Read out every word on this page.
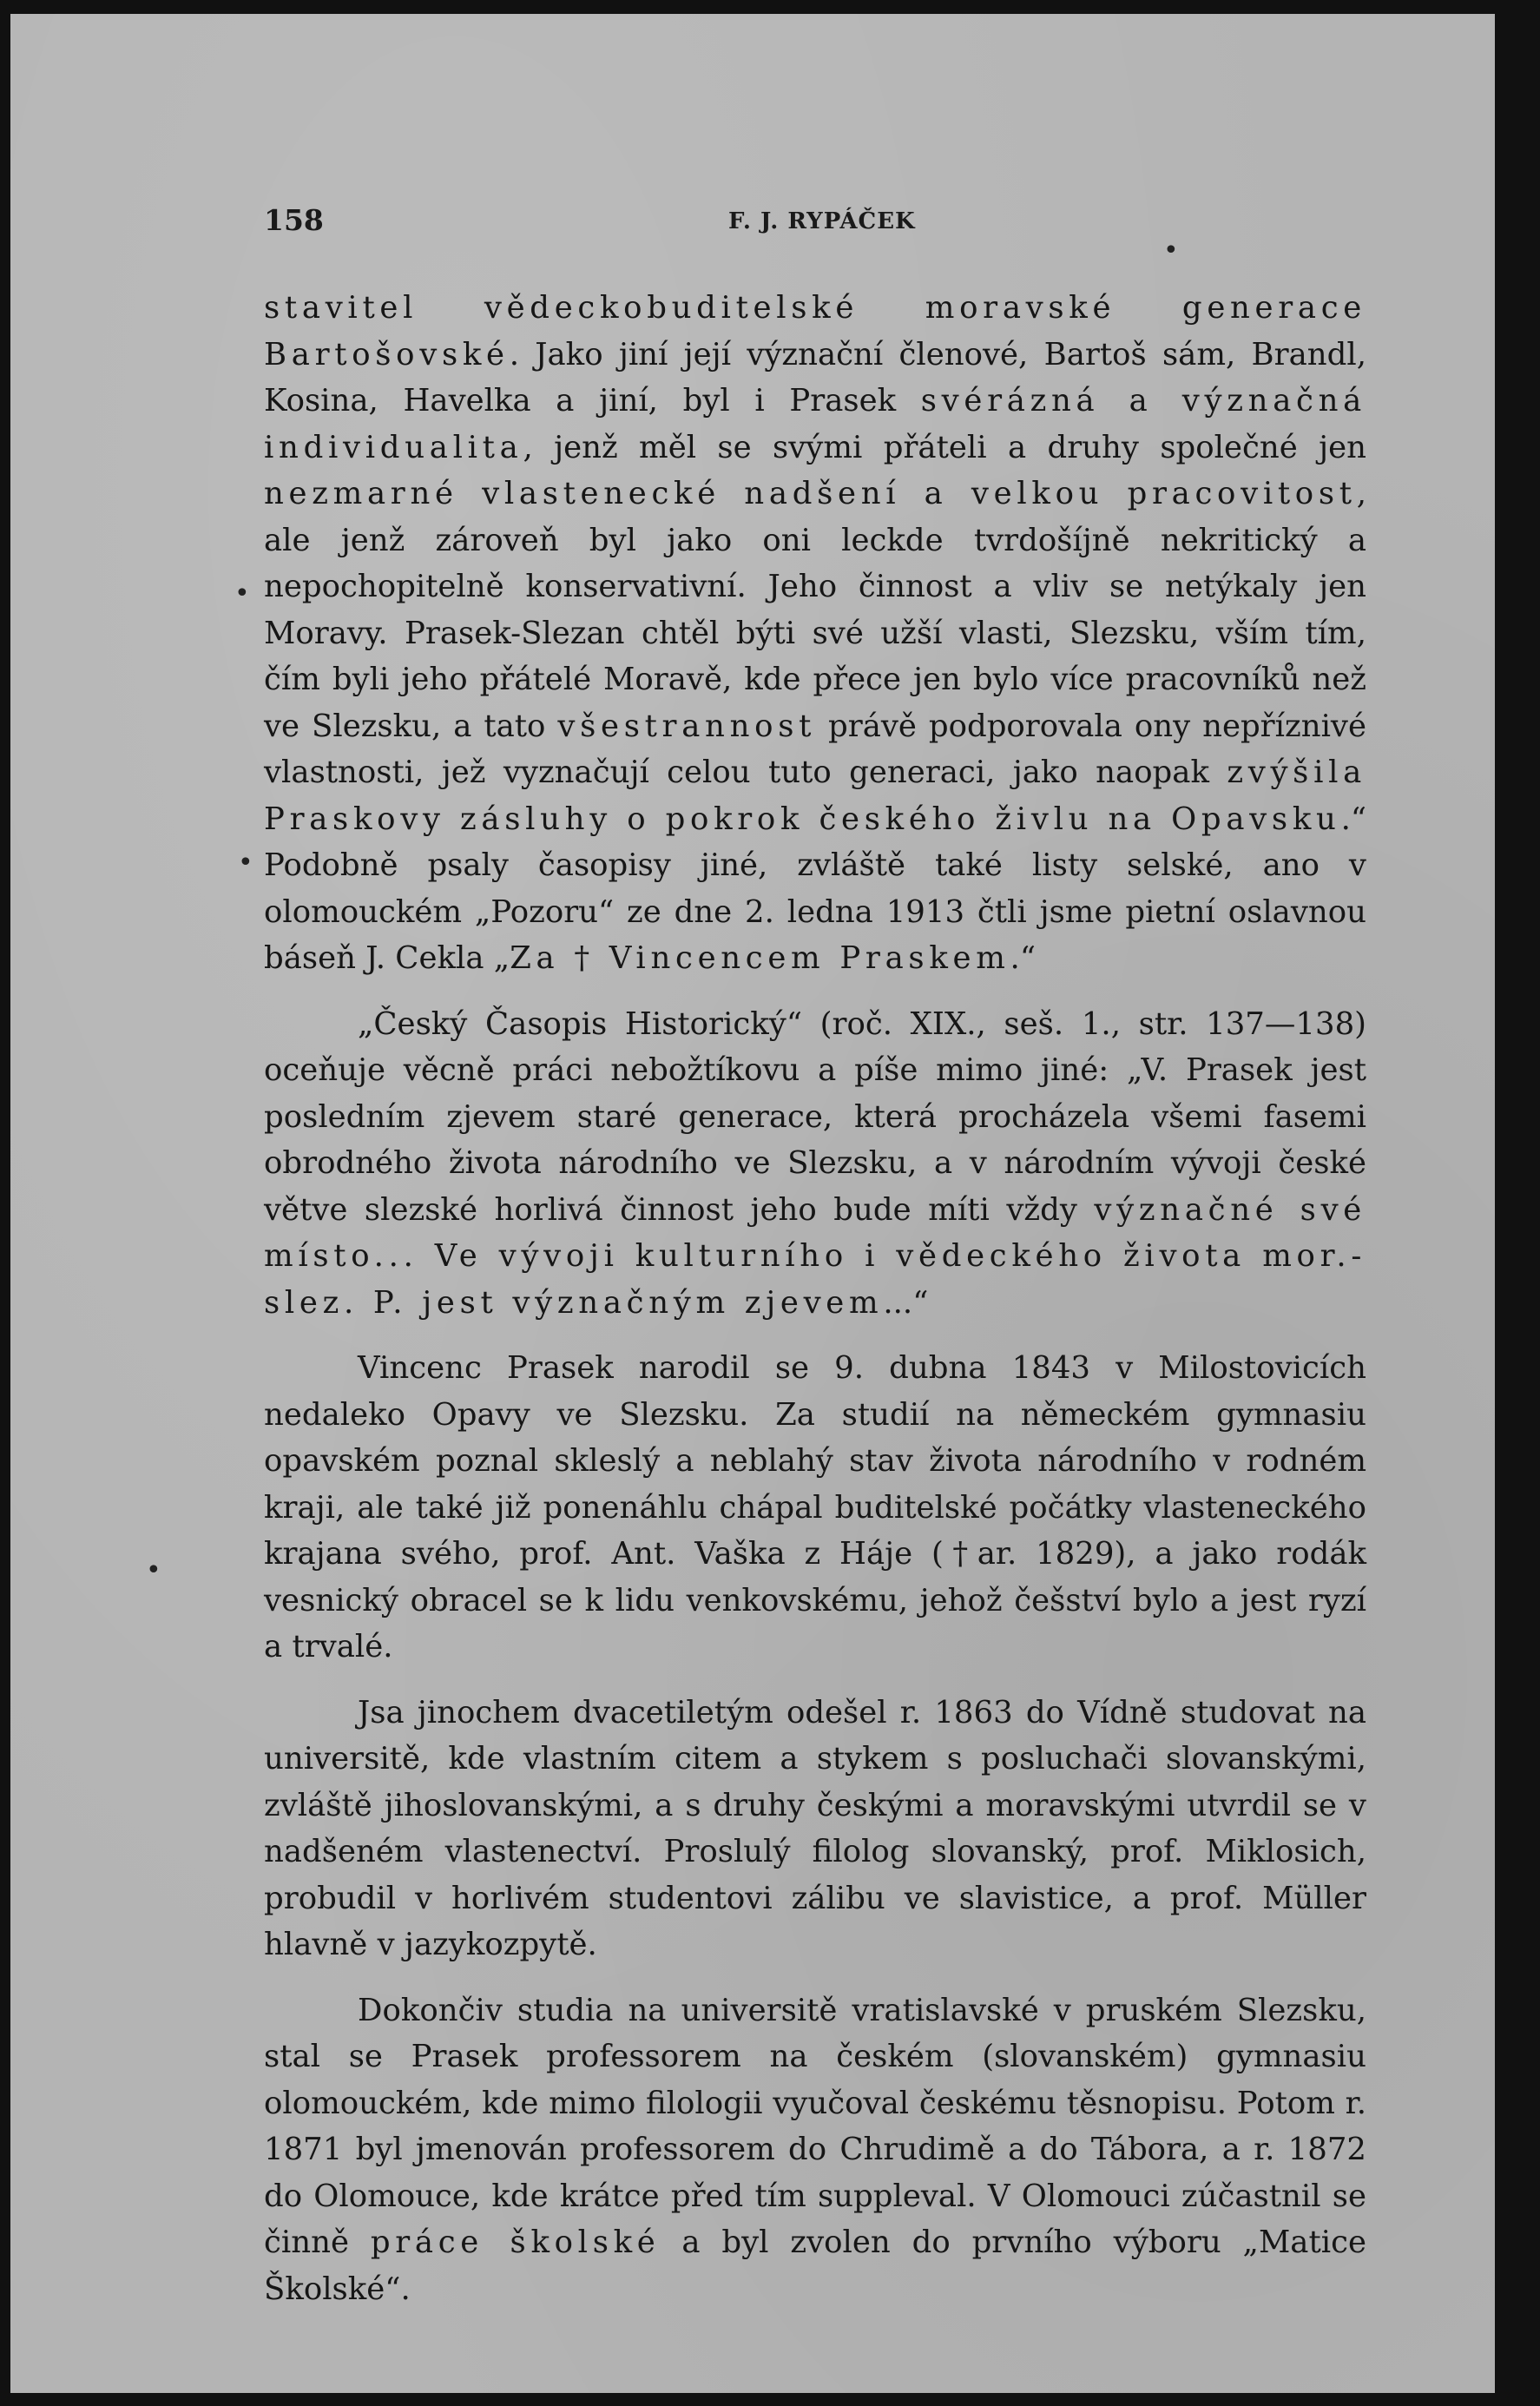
158	F. J. RYPÁČEK

stavitel vědeckobuditelské moravské generace Bartošovské. Jako jiní její význační členové, Bartoš sám, Brandl, Kosina, Havelka a jiní, byl i Prasek svérázná a význačná individualita, jenž měl se svými přáteli a druhy společné jen nezmarné vlastenecké nadšení a velkou pracovitost, ale jenž zároveň byl jako oni leckde tvrdošíjně nekritický a nepochopitelně konservativní. Jeho činnost a vliv se netýkaly jen Moravy. Prasek-Slezan chtěl býti své užší vlasti, Slezsku, vším tím, čím byli jeho přátelé Moravě, kde přece jen bylo více pracovníků než ve Slezsku, a tato všestrannost právě podporovala ony nepříznivé vlastnosti, jež vyznačují celou tuto generaci, jako naopak zvýšila Praskovy zásluhy o pokrok českého živlu na Opavsku.“ Podobně psaly časopisy jiné, zvláště také listy selské, ano v olomouckém „Pozoru“ ze dne 2. ledna 1913 čtli jsme pietní oslavnou báseň J. Cekla „Za † Vincencem Praskem.“

„Český Časopis Historický“ (roč. XIX., seš. 1., str. 137—138) oceňuje věcně práci nebožtíkovu a píše mimo jiné: „V. Prasek jest posledním zjevem staré generace, která procházela všemi fasemi obrodného života národního ve Slezsku, a v národním vývoji české větve slezské horlivá činnost jeho bude míti vždy význačné své místo... Ve vývoji kulturního i vědeckého života mor.-slez. P. jest význačným zjevem...“

Vincenc Prasek narodil se 9. dubna 1843 v Milostovicích nedaleko Opavy ve Slezsku. Za studií na německém gymnasiu opavském poznal skleslý a neblahý stav života národního v rodném kraji, ale také již ponenáhlu chápal buditelské počátky vlasteneckého krajana svého, prof. Ant. Vaška z Háje (†ar. 1829), a jako rodák vesnický obracel se k lidu venkovskému, jehož češství bylo a jest ryzí a trvalé.

Jsa jinochem dvacetiletým odešel r. 1863 do Vídně studovat na universitě, kde vlastním citem a stykem s posluchači slovanskými, zvláště jihoslovanskými, a s druhy českými a moravskými utvrdil se v nadšeném vlastenectví. Proslulý filolog slovanský, prof. Miklosich, probudil v horlivém studentovi zálibu ve slavistice, a prof. Müller hlavně v jazykozpytě.

Dokončiv studia na universitě vratislavské v pruském Slezsku, stal se Prasek professorem na českém (slovanském) gymnasiu olomouckém, kde mimo filologii vyučoval českému těsnopisu. Potom r. 1871 byl jmenován professorem do Chrudimě a do Tábora, a r. 1872 do Olomouce, kde krátce před tím suppleval. V Olomouci zúčastnil se činně práce školské a byl zvolen do prvního výboru „Matice Školské“.

•
•
•
•
